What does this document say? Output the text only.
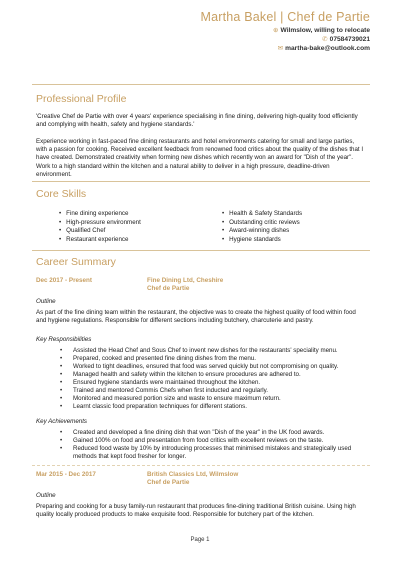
Martha Bakel | Chef de Partie
⊕ Wilmslow, willing to relocate
✆ 07584739021
✉ martha-bake@outlook.com
Professional Profile
'Creative Chef de Partie with over 4 years' experience specialising in fine dining, delivering high-quality food efficiently and complying with health, safety and hygiene standards.'
Experience working in fast-paced fine dining restaurants and hotel environments catering for small and large parties, with a passion for cooking. Received excellent feedback from renowned food critics about the quality of the dishes that I have created. Demonstrated creativity when forming new dishes which recently won an award for "Dish of the year". Work to a high standard within the kitchen and a natural ability to deliver in a high pressure, deadline-driven environment.
Core Skills
• Fine dining experience
• High-pressure environment
• Qualified Chef
• Restaurant experience
• Health & Safety Standards
• Outstanding critic reviews
• Award-winning dishes
• Hygiene standards
Career Summary
Dec 2017 - Present	Fine Dining Ltd, Cheshire
Chef de Partie
Outline
As part of the fine dining team within the restaurant, the objective was to create the highest quality of food within food and hygiene regulations. Responsible for different sections including butchery, charcuterie and pastry.
Key Responsibilities
• Assisted the Head Chef and Sous Chef to invent new dishes for the restaurants' speciality menu.
• Prepared, cooked and presented fine dining dishes from the menu.
• Worked to tight deadlines, ensured that food was served quickly but not compromising on quality.
• Managed health and safety within the kitchen to ensure procedures are adhered to.
• Ensured hygiene standards were maintained throughout the kitchen.
• Trained and mentored Commis Chefs when first inducted and regularly.
• Monitored and measured portion size and waste to ensure maximum return.
• Learnt classic food preparation techniques for different stations.
Key Achievements
• Created and developed a fine dining dish that won "Dish of the year" in the UK food awards.
• Gained 100% on food and presentation from food critics with excellent reviews on the taste.
• Reduced food waste by 10% by introducing processes that minimised mistakes and strategically used methods that kept food fresher for longer.
Mar 2015 - Dec 2017	British Classics Ltd, Wilmslow
Chef de Partie
Outline
Preparing and cooking for a busy family-run restaurant that produces fine-dining traditional British cuisine. Using high quality locally produced products to make exquisite food. Responsible for butchery part of the kitchen.
Page 1
